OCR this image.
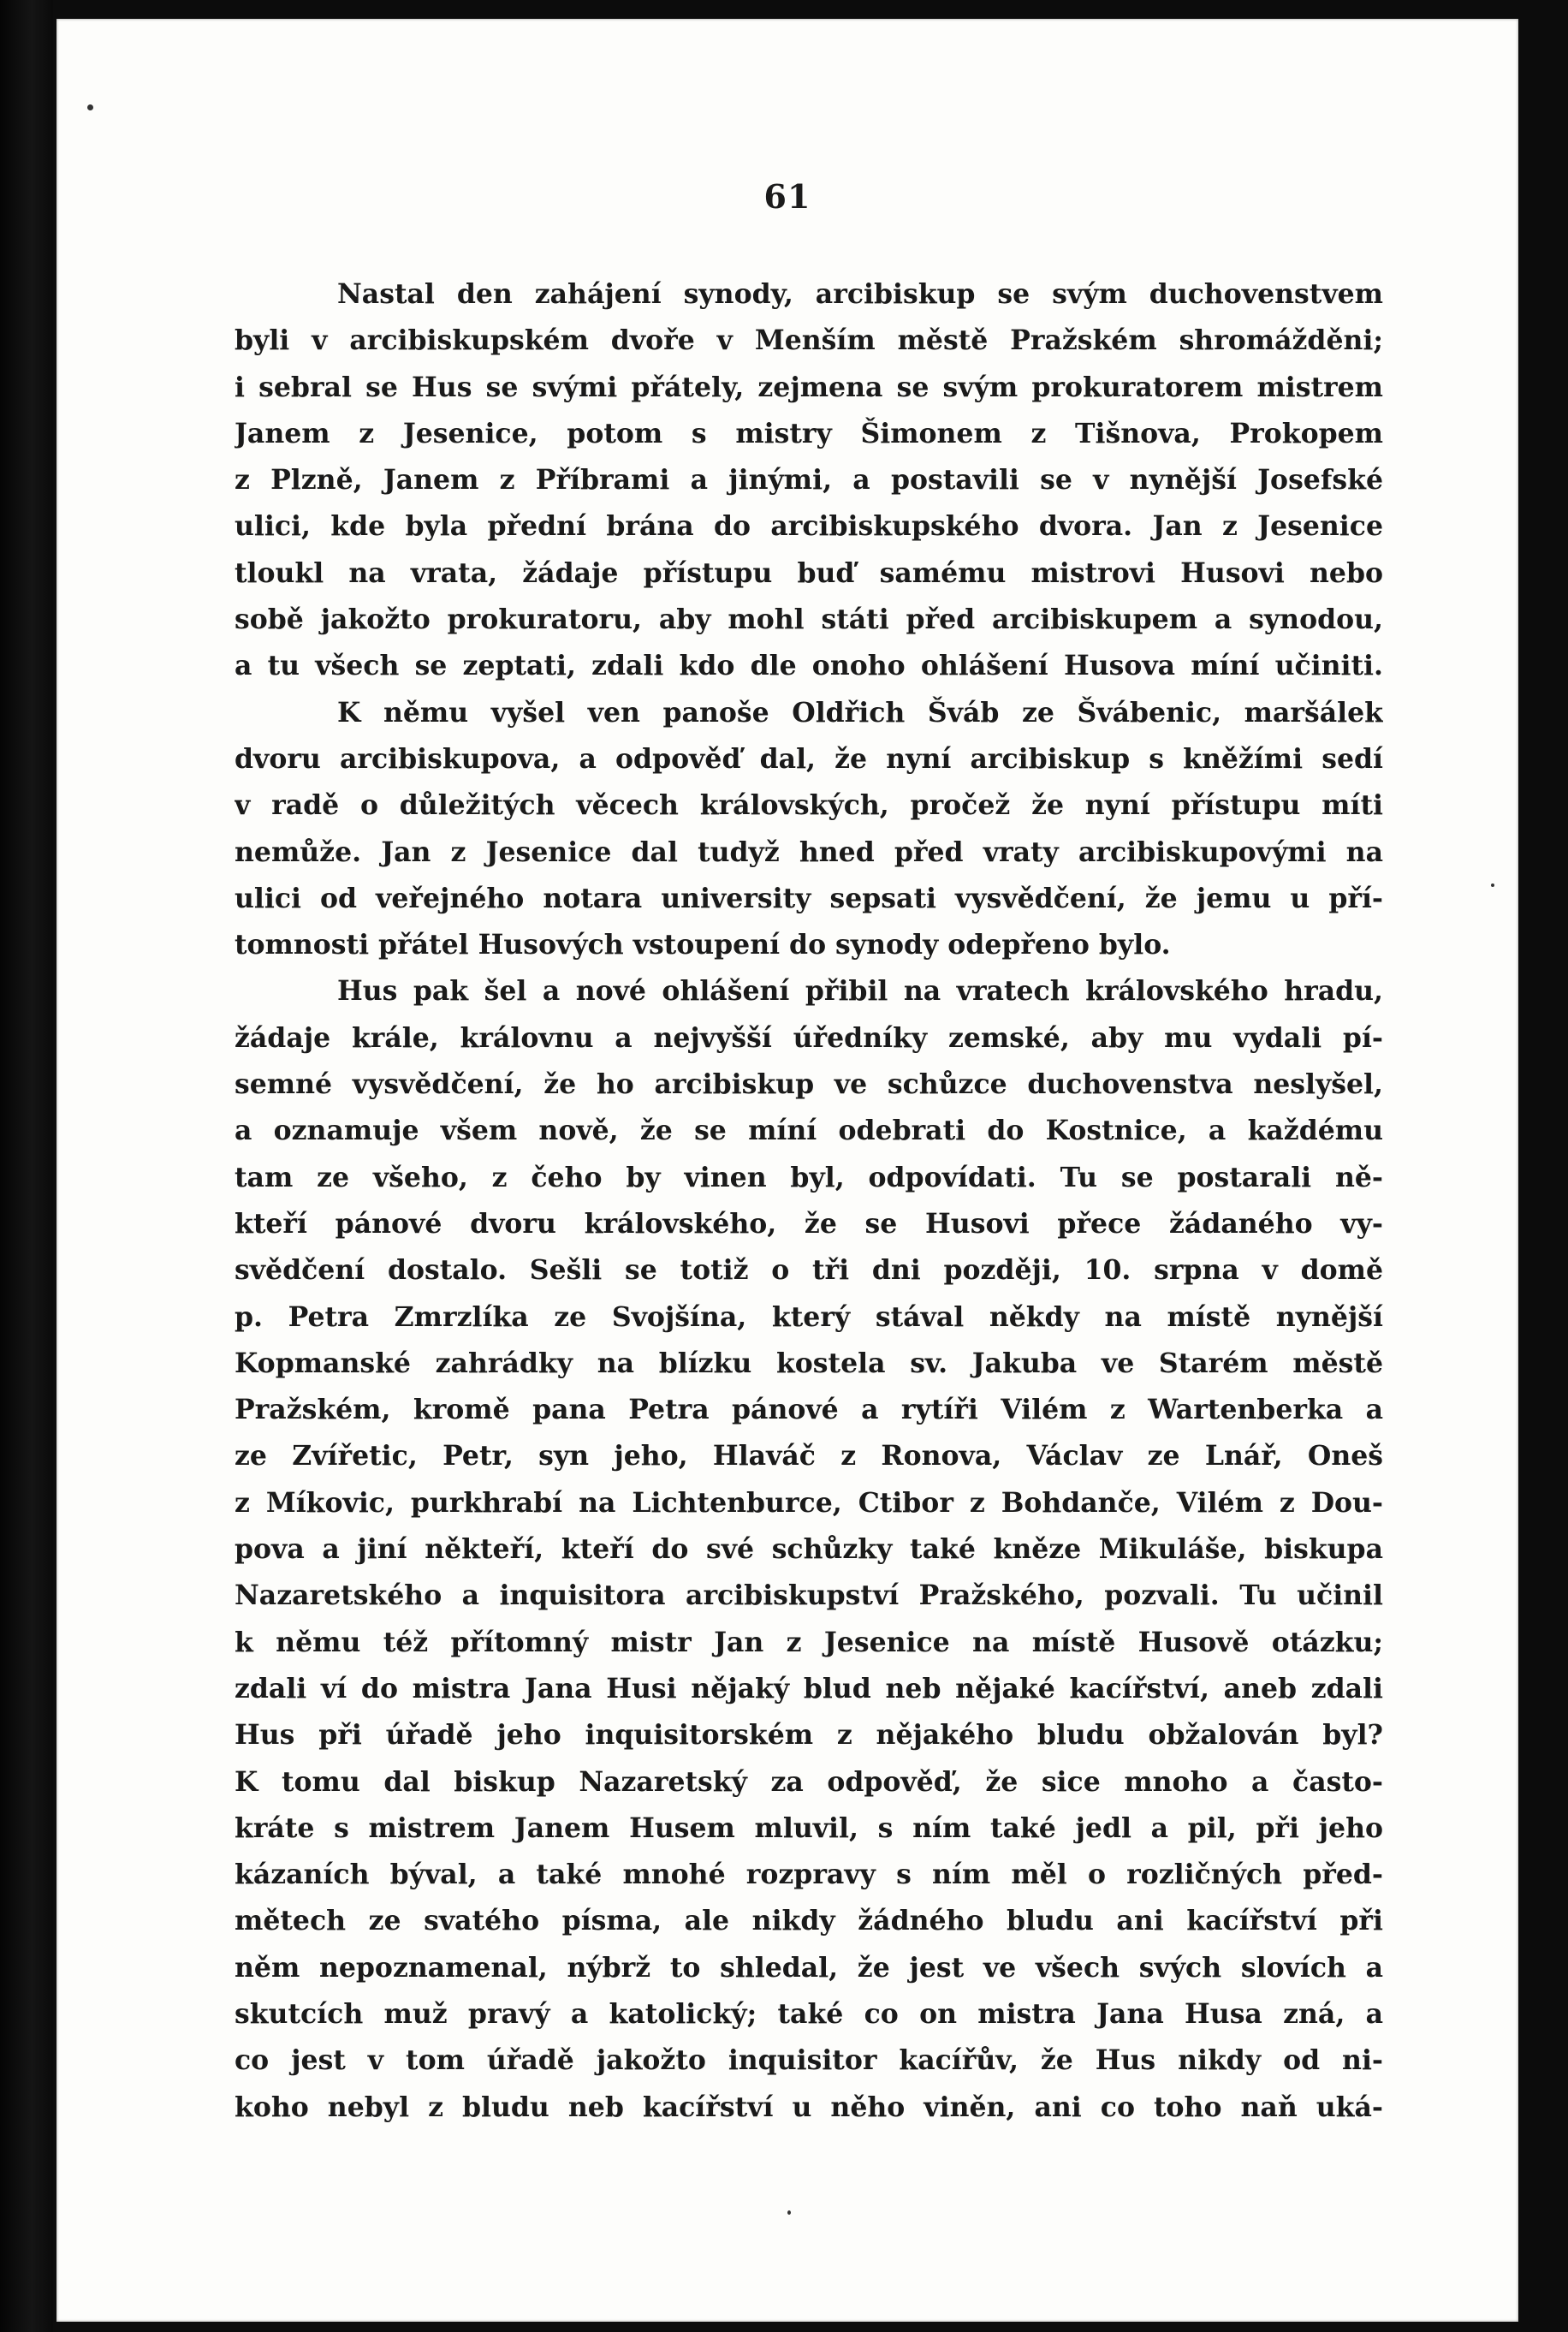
61
Nastal den zahájení synody, arcibiskup se svým duchovenstvem
byli v arcibiskupském dvoře v Menším městě Pražském shromážděni;
i sebral se Hus se svými přátely, zejmena se svým prokuratorem mistrem
Janem z Jesenice, potom s mistry Šimonem z Tišnova, Prokopem
z Plzně, Janem z Příbrami a jinými, a postavili se v nynější Josefské
ulici, kde byla přední brána do arcibiskupského dvora. Jan z Jesenice
tloukl na vrata, žádaje přístupu buď samému mistrovi Husovi nebo
sobě jakožto prokuratoru, aby mohl státi před arcibiskupem a synodou,
a tu všech se zeptati, zdali kdo dle onoho ohlášení Husova míní učiniti.
K němu vyšel ven panoše Oldřich Šváb ze Švábenic, maršálek
dvoru arcibiskupova, a odpověď dal, že nyní arcibiskup s kněžími sedí
v radě o důležitých věcech královských, pročež že nyní přístupu míti
nemůže. Jan z Jesenice dal tudyž hned před vraty arcibiskupovými na
ulici od veřejného notara university sepsati vysvědčení, že jemu u pří-
tomnosti přátel Husových vstoupení do synody odepřeno bylo.
Hus pak šel a nové ohlášení přibil na vratech královského hradu,
žádaje krále, královnu a nejvyšší úředníky zemské, aby mu vydali pí-
semné vysvědčení, že ho arcibiskup ve schůzce duchovenstva neslyšel,
a oznamuje všem nově, že se míní odebrati do Kostnice, a každému
tam ze všeho, z čeho by vinen byl, odpovídati. Tu se postarali ně-
kteří pánové dvoru královského, že se Husovi přece žádaného vy-
svědčení dostalo. Sešli se totiž o tři dni později, 10. srpna v domě
p. Petra Zmrzlíka ze Svojšína, který stával někdy na místě nynější
Kopmanské zahrádky na blízku kostela sv. Jakuba ve Starém městě
Pražském, kromě pana Petra pánové a rytíři Vilém z Wartenberka a
ze Zvířetic, Petr, syn jeho, Hlaváč z Ronova, Václav ze Lnář, Oneš
z Míkovic, purkhrabí na Lichtenburce, Ctibor z Bohdanče, Vilém z Dou-
pova a jiní někteří, kteří do své schůzky také kněze Mikuláše, biskupa
Nazaretského a inquisitora arcibiskupství Pražského, pozvali. Tu učinil
k němu též přítomný mistr Jan z Jesenice na místě Husově otázku;
zdali ví do mistra Jana Husi nějaký blud neb nějaké kacířství, aneb zdali
Hus při úřadě jeho inquisitorském z nějakého bludu obžalován byl?
K tomu dal biskup Nazaretský za odpověď, že sice mnoho a často-
kráte s mistrem Janem Husem mluvil, s ním také jedl a pil, při jeho
kázaních býval, a také mnohé rozpravy s ním měl o rozličných před-
mětech ze svatého písma, ale nikdy žádného bludu ani kacířství při
něm nepoznamenal, nýbrž to shledal, že jest ve všech svých slovích a
skutcích muž pravý a katolický; také co on mistra Jana Husa zná, a
co jest v tom úřadě jakožto inquisitor kacířův, že Hus nikdy od ni-
koho nebyl z bludu neb kacířství u něho viněn, ani co toho naň uká-
